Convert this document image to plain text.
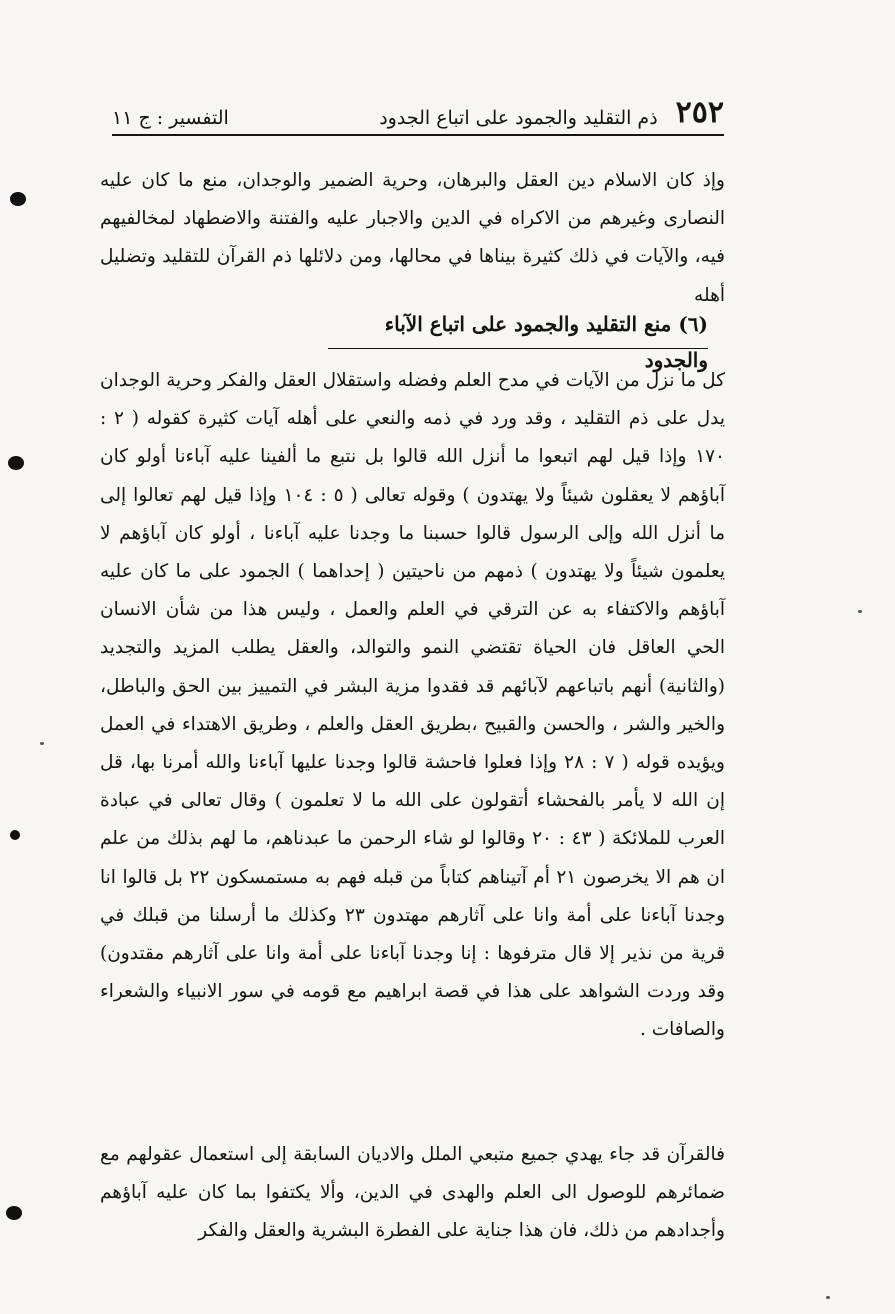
٢٥٢
ذم التقليد والجمود على اتباع الجدود
التفسير : ج ١١
وإذ كان الاسلام دين العقل والبرهان، وحرية الضمير والوجدان، منع ما كان عليه النصارى وغيرهم من الاكراه في الدين والاجبار عليه والفتنة والاضطهاد لمخالفيهم فيه، والآيات في ذلك كثيرة بيناها في محالها، ومن دلائلها ذم القرآن للتقليد وتضليل أهله
(٦) منع التقليد والجمود على اتباع الآباء والجدود
كل ما نزل من الآيات في مدح العلم وفضله واستقلال العقل والفكر وحرية الوجدان يدل على ذم التقليد ، وقد ورد في ذمه والنعي على أهله آيات كثيرة كقوله ( ٢ : ١٧٠ وإذا قيل لهم اتبعوا ما أنزل الله قالوا بل نتبع ما ألفينا عليه آباءنا أولو كان آباؤهم لا يعقلون شيئاً ولا يهتدون ) وقوله تعالى ( ٥ : ١٠٤ وإذا قيل لهم تعالوا إلى ما أنزل الله وإلى الرسول قالوا حسبنا ما وجدنا عليه آباءنا ، أولو كان آباؤهم لا يعلمون شيئاً ولا يهتدون ) ذمهم من ناحيتين ( إحداهما ) الجمود على ما كان عليه آباؤهم والاكتفاء به عن الترقي في العلم والعمل ، وليس هذا من شأن الانسان الحي العاقل فان الحياة تقتضي النمو والتوالد، والعقل يطلب المزيد والتجديد (والثانية) أنهم باتباعهم لآبائهم قد فقدوا مزية البشر في التمييز بين الحق والباطل، والخير والشر ، والحسن والقبيح ،بطريق العقل والعلم ، وطريق الاهتداء في العمل ويؤيده قوله ( ٧ : ٢٨ وإذا فعلوا فاحشة قالوا وجدنا عليها آباءنا والله أمرنا بها، قل إن الله لا يأمر بالفحشاء أتقولون على الله ما لا تعلمون ) وقال تعالى في عبادة العرب للملائكة ( ٤٣ : ٢٠ وقالوا لو شاء الرحمن ما عبدناهم، ما لهم بذلك من علم ان هم الا يخرصون ٢١ أم آتيناهم كتاباً من قبله فهم به مستمسكون ٢٢ بل قالوا انا وجدنا آباءنا على أمة وانا على آثارهم مهتدون ٢٣ وكذلك ما أرسلنا من قبلك في قرية من نذير إلا قال مترفوها : إنا وجدنا آباءنا على أمة وانا على آثارهم مقتدون) وقد وردت الشواهد على هذا في قصة ابراهيم مع قومه في سور الانبياء والشعراء والصافات .
فالقرآن قد جاء يهدي جميع متبعي الملل والاديان السابقة إلى استعمال عقولهم مع ضمائرهم للوصول الى العلم والهدى في الدين، وألا يكتفوا بما كان عليه آباؤهم وأجدادهم من ذلك، فان هذا جناية على الفطرة البشرية والعقل والفكر
